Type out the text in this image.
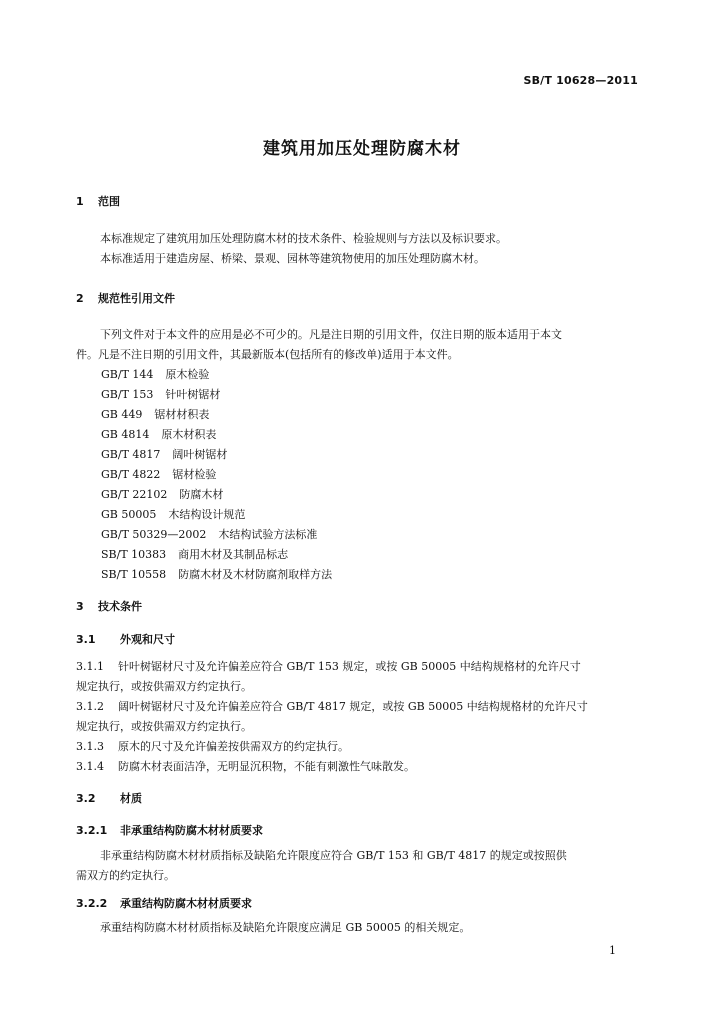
SB/T 10628—2011
建筑用加压处理防腐木材
1 范围
本标准规定了建筑用加压处理防腐木材的技术条件、检验规则与方法以及标识要求。
本标准适用于建造房屋、桥梁、景观、园林等建筑物使用的加压处理防腐木材。
2 规范性引用文件
下列文件对于本文件的应用是必不可少的。凡是注日期的引用文件，仅注日期的版本适用于本文
件。凡是不注日期的引用文件，其最新版本(包括所有的修改单)适用于本文件。
GB/T 144 原木检验
GB/T 153 针叶树锯材
GB 449 锯材材积表
GB 4814 原木材积表
GB/T 4817 阔叶树锯材
GB/T 4822 锯材检验
GB/T 22102 防腐木材
GB 50005 木结构设计规范
GB/T 50329—2002 木结构试验方法标准
SB/T 10383 商用木材及其制品标志
SB/T 10558 防腐木材及木材防腐剂取样方法
3 技术条件
3.1 外观和尺寸
3.1.1 针叶树锯材尺寸及允许偏差应符合 GB/T 153 规定，或按 GB 50005 中结构规格材的允许尺寸
规定执行，或按供需双方约定执行。
3.1.2 阔叶树锯材尺寸及允许偏差应符合 GB/T 4817 规定，或按 GB 50005 中结构规格材的允许尺寸
规定执行，或按供需双方约定执行。
3.1.3 原木的尺寸及允许偏差按供需双方的约定执行。
3.1.4 防腐木材表面洁净，无明显沉积物，不能有刺激性气味散发。
3.2 材质
3.2.1 非承重结构防腐木材材质要求
非承重结构防腐木材材质指标及缺陷允许限度应符合 GB/T 153 和 GB/T 4817 的规定或按照供
需双方的约定执行。
3.2.2 承重结构防腐木材材质要求
承重结构防腐木材材质指标及缺陷允许限度应满足 GB 50005 的相关规定。
1
